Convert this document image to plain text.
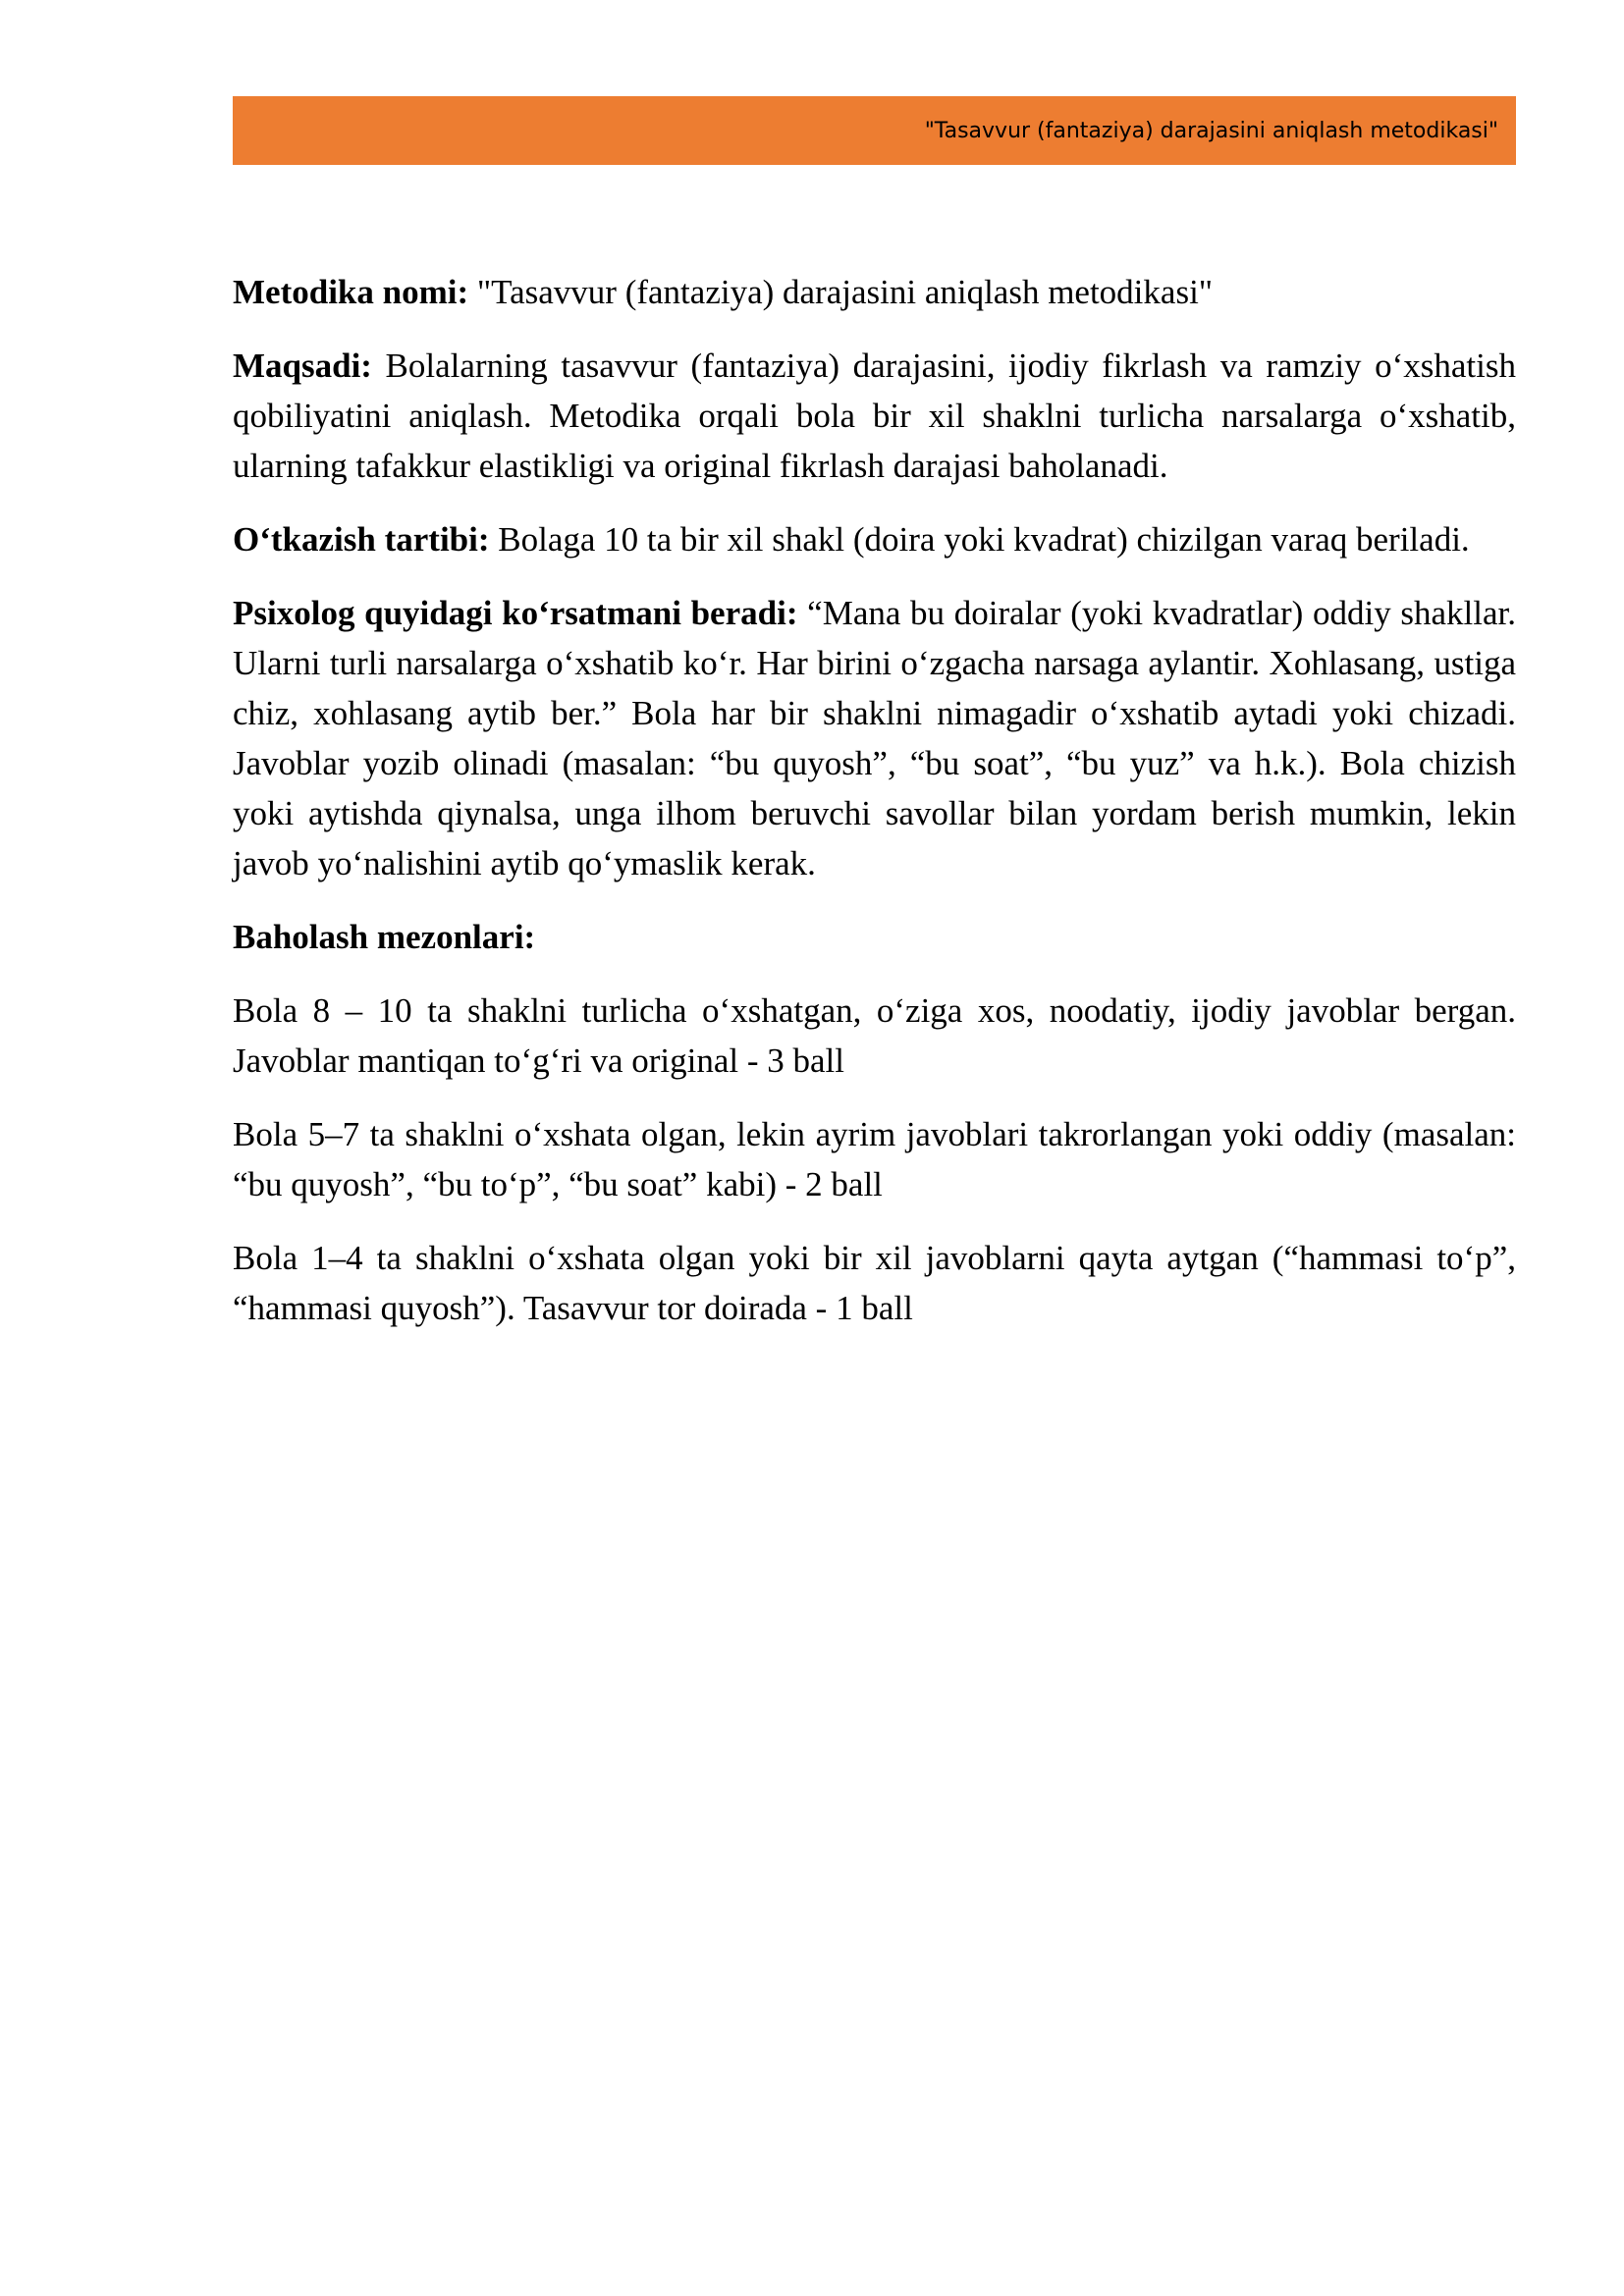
"Tasavvur (fantaziya) darajasini aniqlash metodikasi"

Metodika nomi: "Tasavvur (fantaziya) darajasini aniqlash metodikasi"

Maqsadi: Bolalarning tasavvur (fantaziya) darajasini, ijodiy fikrlash va ramziy o‘xshatish qobiliyatini aniqlash. Metodika orqali bola bir xil shaklni turlicha narsalarga o‘xshatib, ularning tafakkur elastikligi va original fikrlash darajasi baholanadi.

O‘tkazish tartibi: Bolaga 10 ta bir xil shakl (doira yoki kvadrat) chizilgan varaq beriladi.

Psixolog quyidagi ko‘rsatmani beradi: “Mana bu doiralar (yoki kvadratlar) oddiy shakllar. Ularni turli narsalarga o‘xshatib ko‘r. Har birini o‘zgacha narsaga aylantir. Xohlasang, ustiga chiz, xohlasang aytib ber.” Bola har bir shaklni nimagadir o‘xshatib aytadi yoki chizadi. Javoblar yozib olinadi (masalan: “bu quyosh”, “bu soat”, “bu yuz” va h.k.). Bola chizish yoki aytishda qiynalsa, unga ilhom beruvchi savollar bilan yordam berish mumkin, lekin javob yo‘nalishini aytib qo‘ymaslik kerak.

Baholash mezonlari:

Bola 8 – 10 ta shaklni turlicha o‘xshatgan, o‘ziga xos, noodatiy, ijodiy javoblar bergan. Javoblar mantiqan to‘g‘ri va original - 3 ball

Bola 5–7 ta shaklni o‘xshata olgan, lekin ayrim javoblari takrorlangan yoki oddiy (masalan: “bu quyosh”, “bu to‘p”, “bu soat” kabi) - 2 ball

Bola 1–4 ta shaklni o‘xshata olgan yoki bir xil javoblarni qayta aytgan (“hammasi to‘p”, “hammasi quyosh”). Tasavvur tor doirada - 1 ball
